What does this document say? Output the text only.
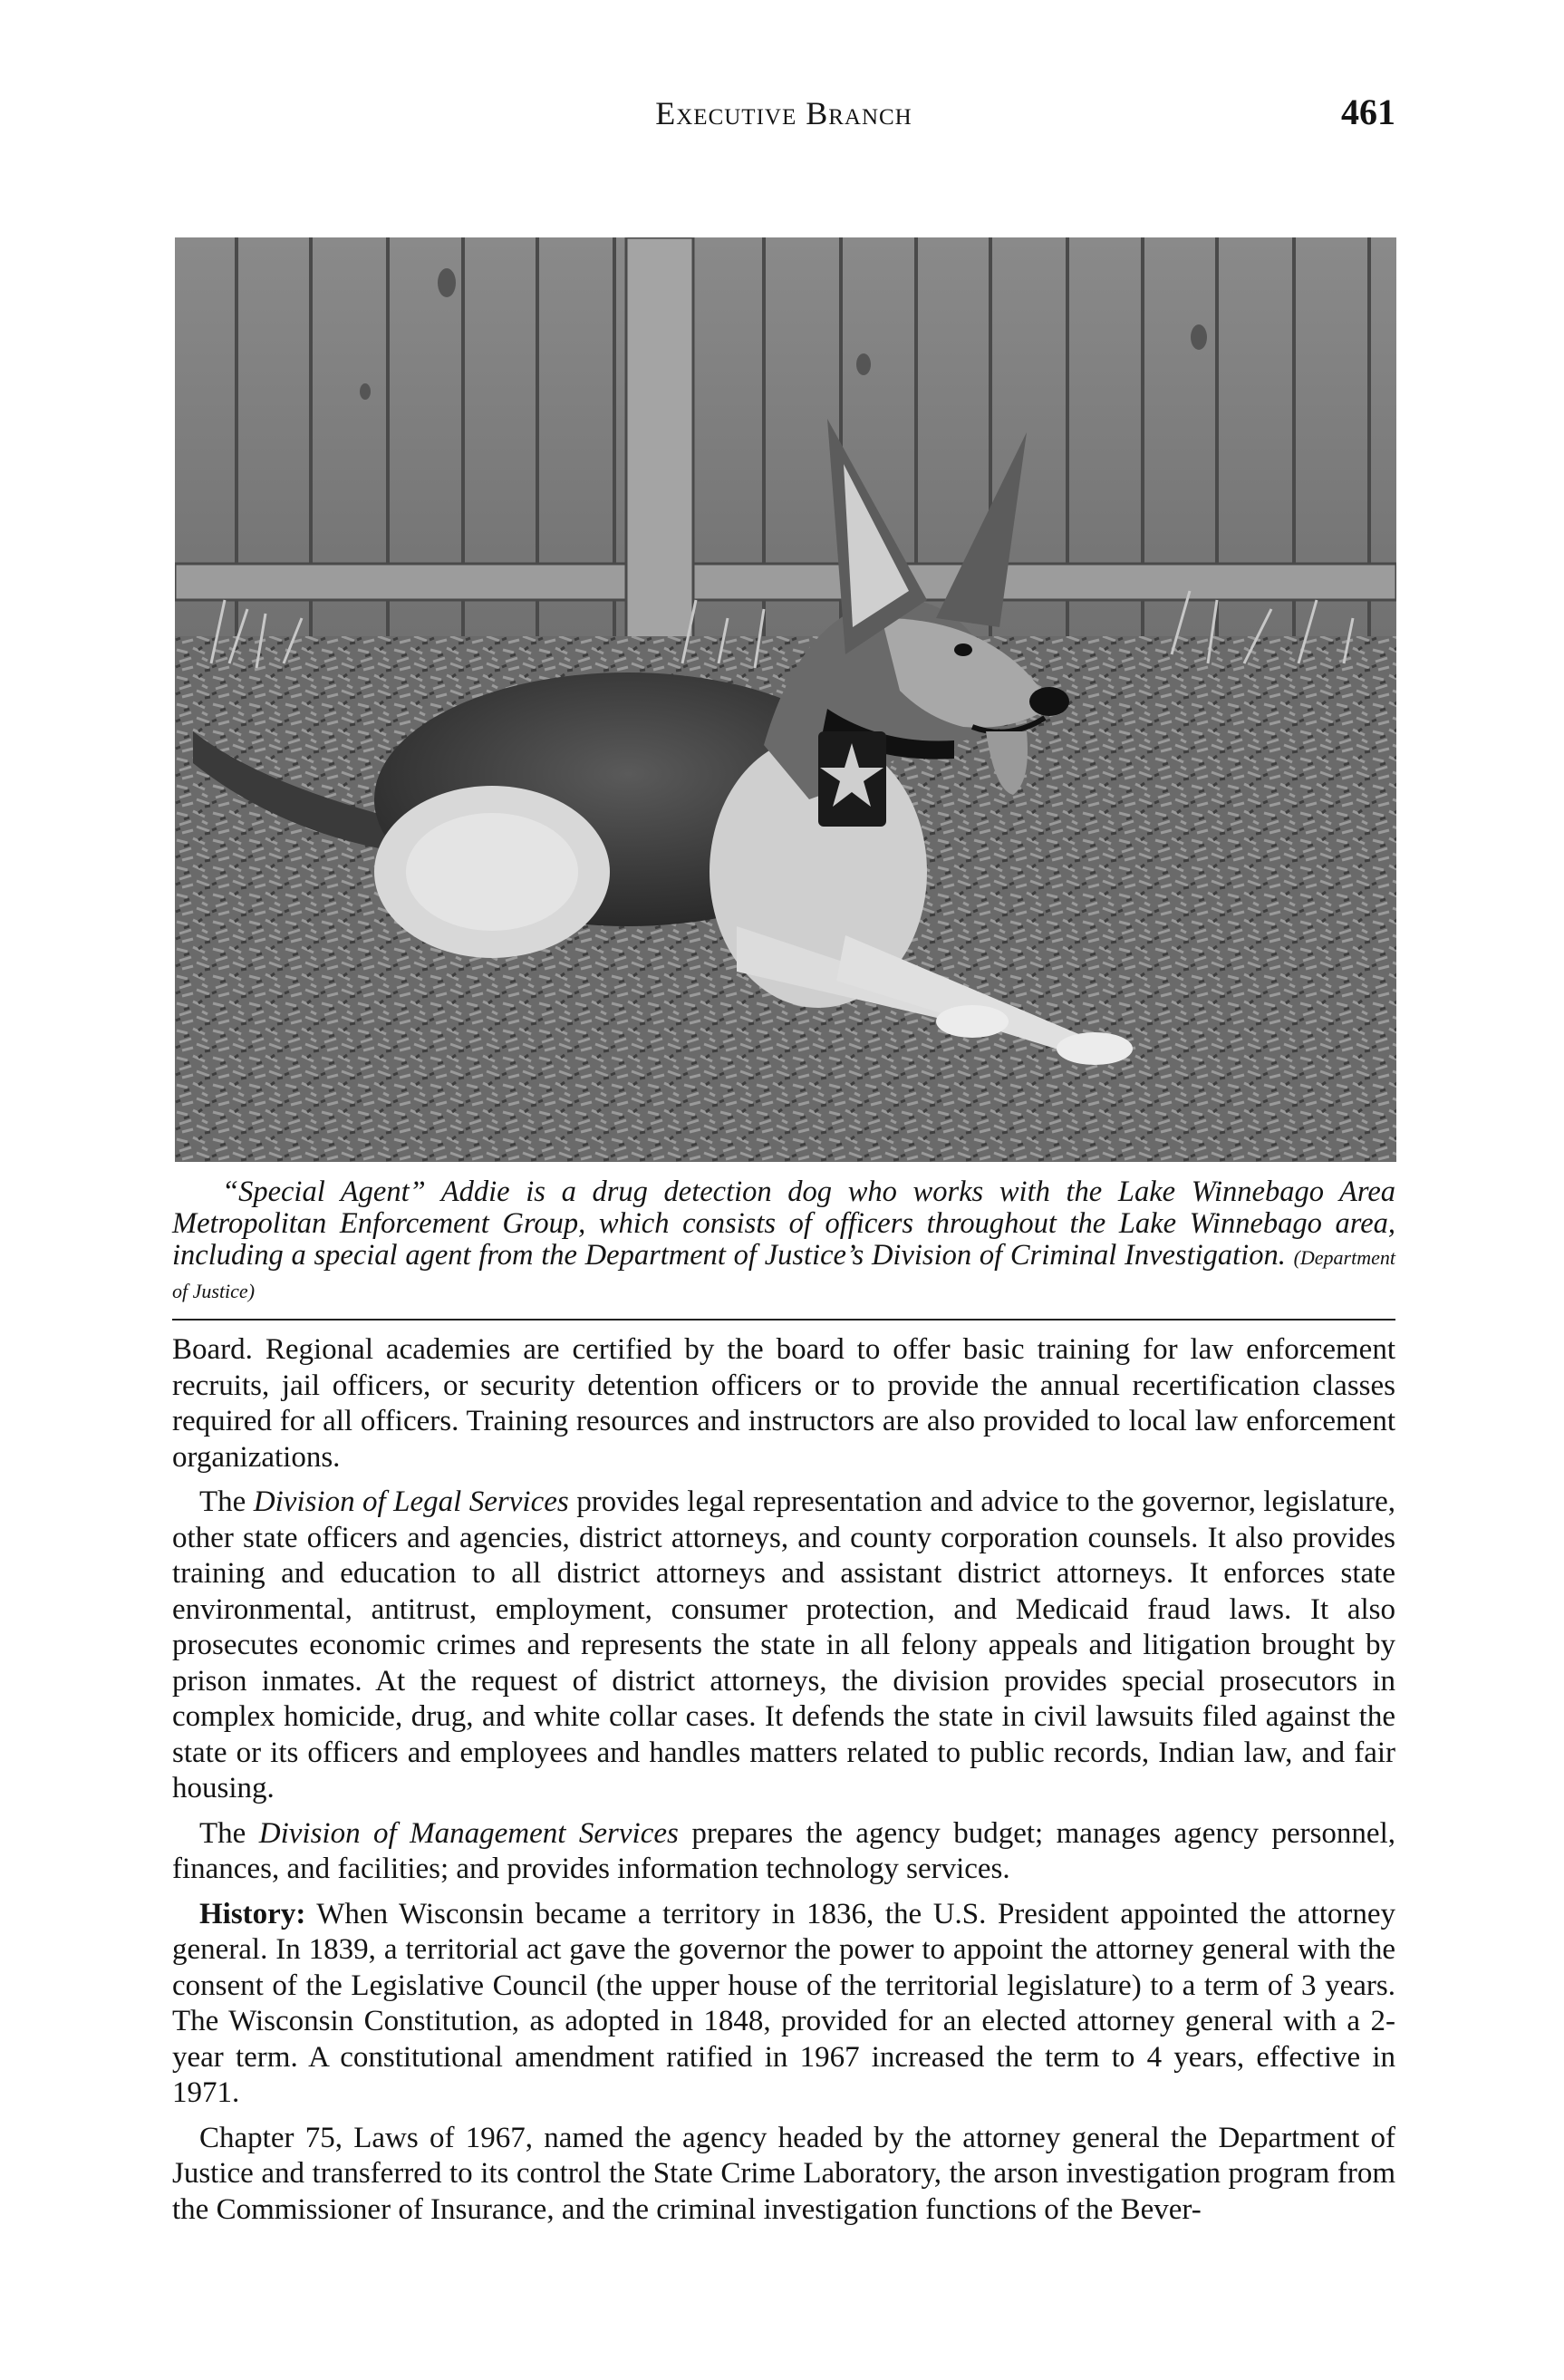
Executive Branch	461
“Special Agent” Addie is a drug detection dog who works with the Lake Winnebago Area Metropolitan Enforcement Group, which consists of officers throughout the Lake Winnebago area, including a special agent from the Department of Justice’s Division of Criminal Investigation. (Department of Justice)

Board. Regional academies are certified by the board to offer basic training for law enforcement recruits, jail officers, or security detention officers or to provide the annual recertification classes required for all officers. Training resources and instructors are also provided to local law enforcement organizations.

The Division of Legal Services provides legal representation and advice to the governor, legislature, other state officers and agencies, district attorneys, and county corporation counsels. It also provides training and education to all district attorneys and assistant district attorneys. It enforces state environmental, antitrust, employment, consumer protection, and Medicaid fraud laws. It also prosecutes economic crimes and represents the state in all felony appeals and litigation brought by prison inmates. At the request of district attorneys, the division provides special prosecutors in complex homicide, drug, and white collar cases. It defends the state in civil lawsuits filed against the state or its officers and employees and handles matters related to public records, Indian law, and fair housing.

The Division of Management Services prepares the agency budget; manages agency personnel, finances, and facilities; and provides information technology services.

History: When Wisconsin became a territory in 1836, the U.S. President appointed the attorney general. In 1839, a territorial act gave the governor the power to appoint the attorney general with the consent of the Legislative Council (the upper house of the territorial legislature) to a term of 3 years. The Wisconsin Constitution, as adopted in 1848, provided for an elected attorney general with a 2-year term. A constitutional amendment ratified in 1967 increased the term to 4 years, effective in 1971.

Chapter 75, Laws of 1967, named the agency headed by the attorney general the Department of Justice and transferred to its control the State Crime Laboratory, the arson investigation program from the Commissioner of Insurance, and the criminal investigation functions of the Bever-
